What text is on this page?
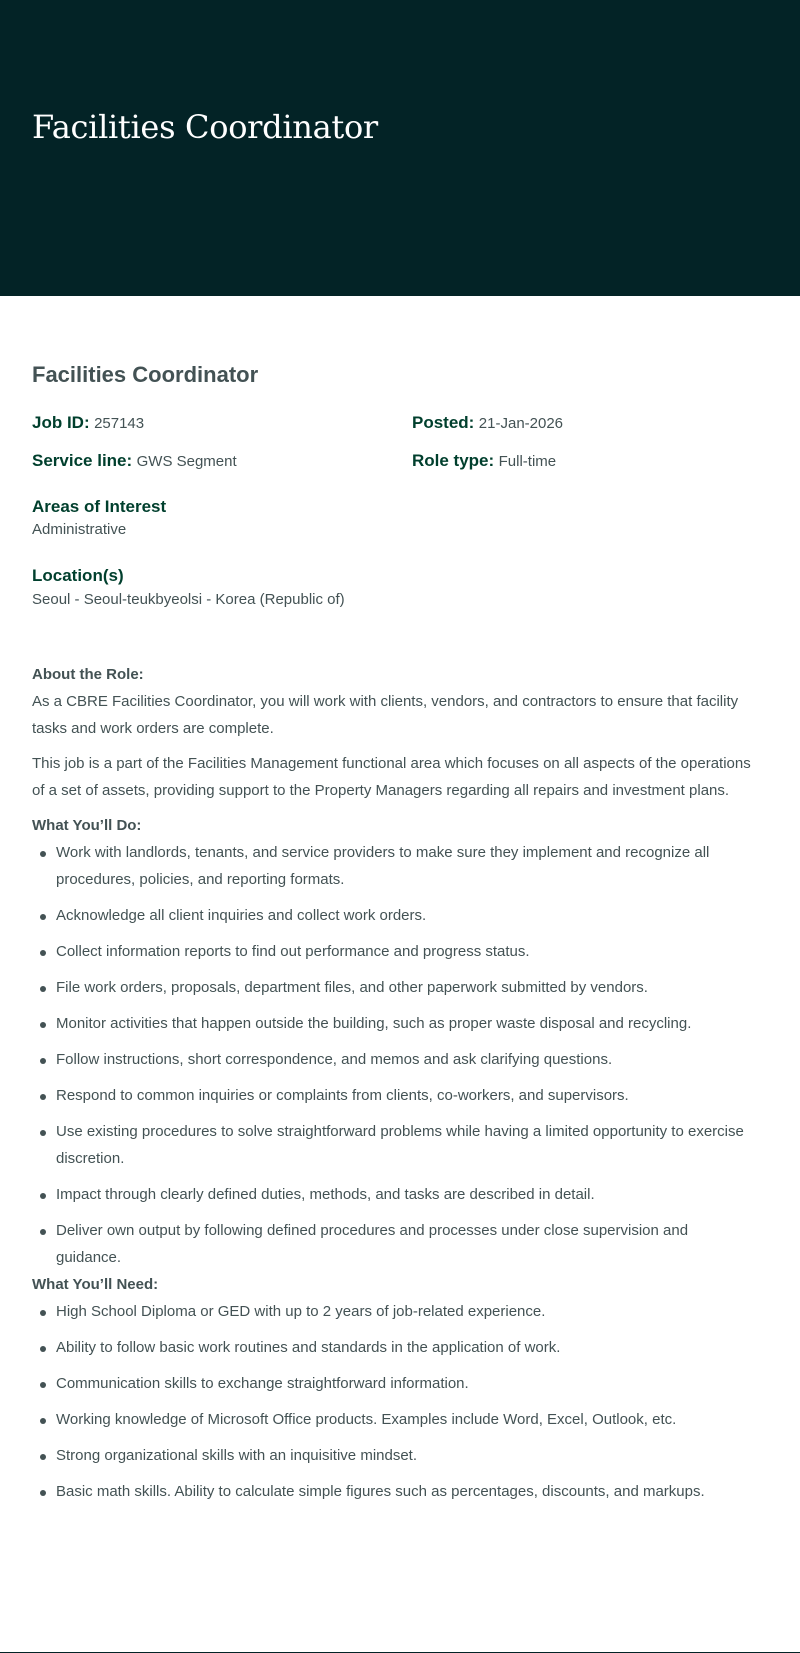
Facilities Coordinator
Facilities Coordinator
Job ID: 257143	Posted: 21-Jan-2026
Service line: GWS Segment	Role type: Full-time
Areas of Interest
Administrative
Location(s)
Seoul - Seoul-teukbyeolsi - Korea (Republic of)
About the Role:

As a CBRE Facilities Coordinator, you will work with clients, vendors, and contractors to ensure that facility tasks and work orders are complete.

This job is a part of the Facilities Management functional area which focuses on all aspects of the operations of a set of assets, providing support to the Property Managers regarding all repairs and investment plans.

What You’ll Do:
Work with landlords, tenants, and service providers to make sure they implement and recognize all procedures, policies, and reporting formats.
Acknowledge all client inquiries and collect work orders.
Collect information reports to find out performance and progress status.
File work orders, proposals, department files, and other paperwork submitted by vendors.
Monitor activities that happen outside the building, such as proper waste disposal and recycling.
Follow instructions, short correspondence, and memos and ask clarifying questions.
Respond to common inquiries or complaints from clients, co-workers, and supervisors.
Use existing procedures to solve straightforward problems while having a limited opportunity to exercise discretion.
Impact through clearly defined duties, methods, and tasks are described in detail.
Deliver own output by following defined procedures and processes under close supervision and guidance.
What You’ll Need:
High School Diploma or GED with up to 2 years of job-related experience.
Ability to follow basic work routines and standards in the application of work.
Communication skills to exchange straightforward information.
Working knowledge of Microsoft Office products. Examples include Word, Excel, Outlook, etc.
Strong organizational skills with an inquisitive mindset.
Basic math skills. Ability to calculate simple figures such as percentages, discounts, and markups.
